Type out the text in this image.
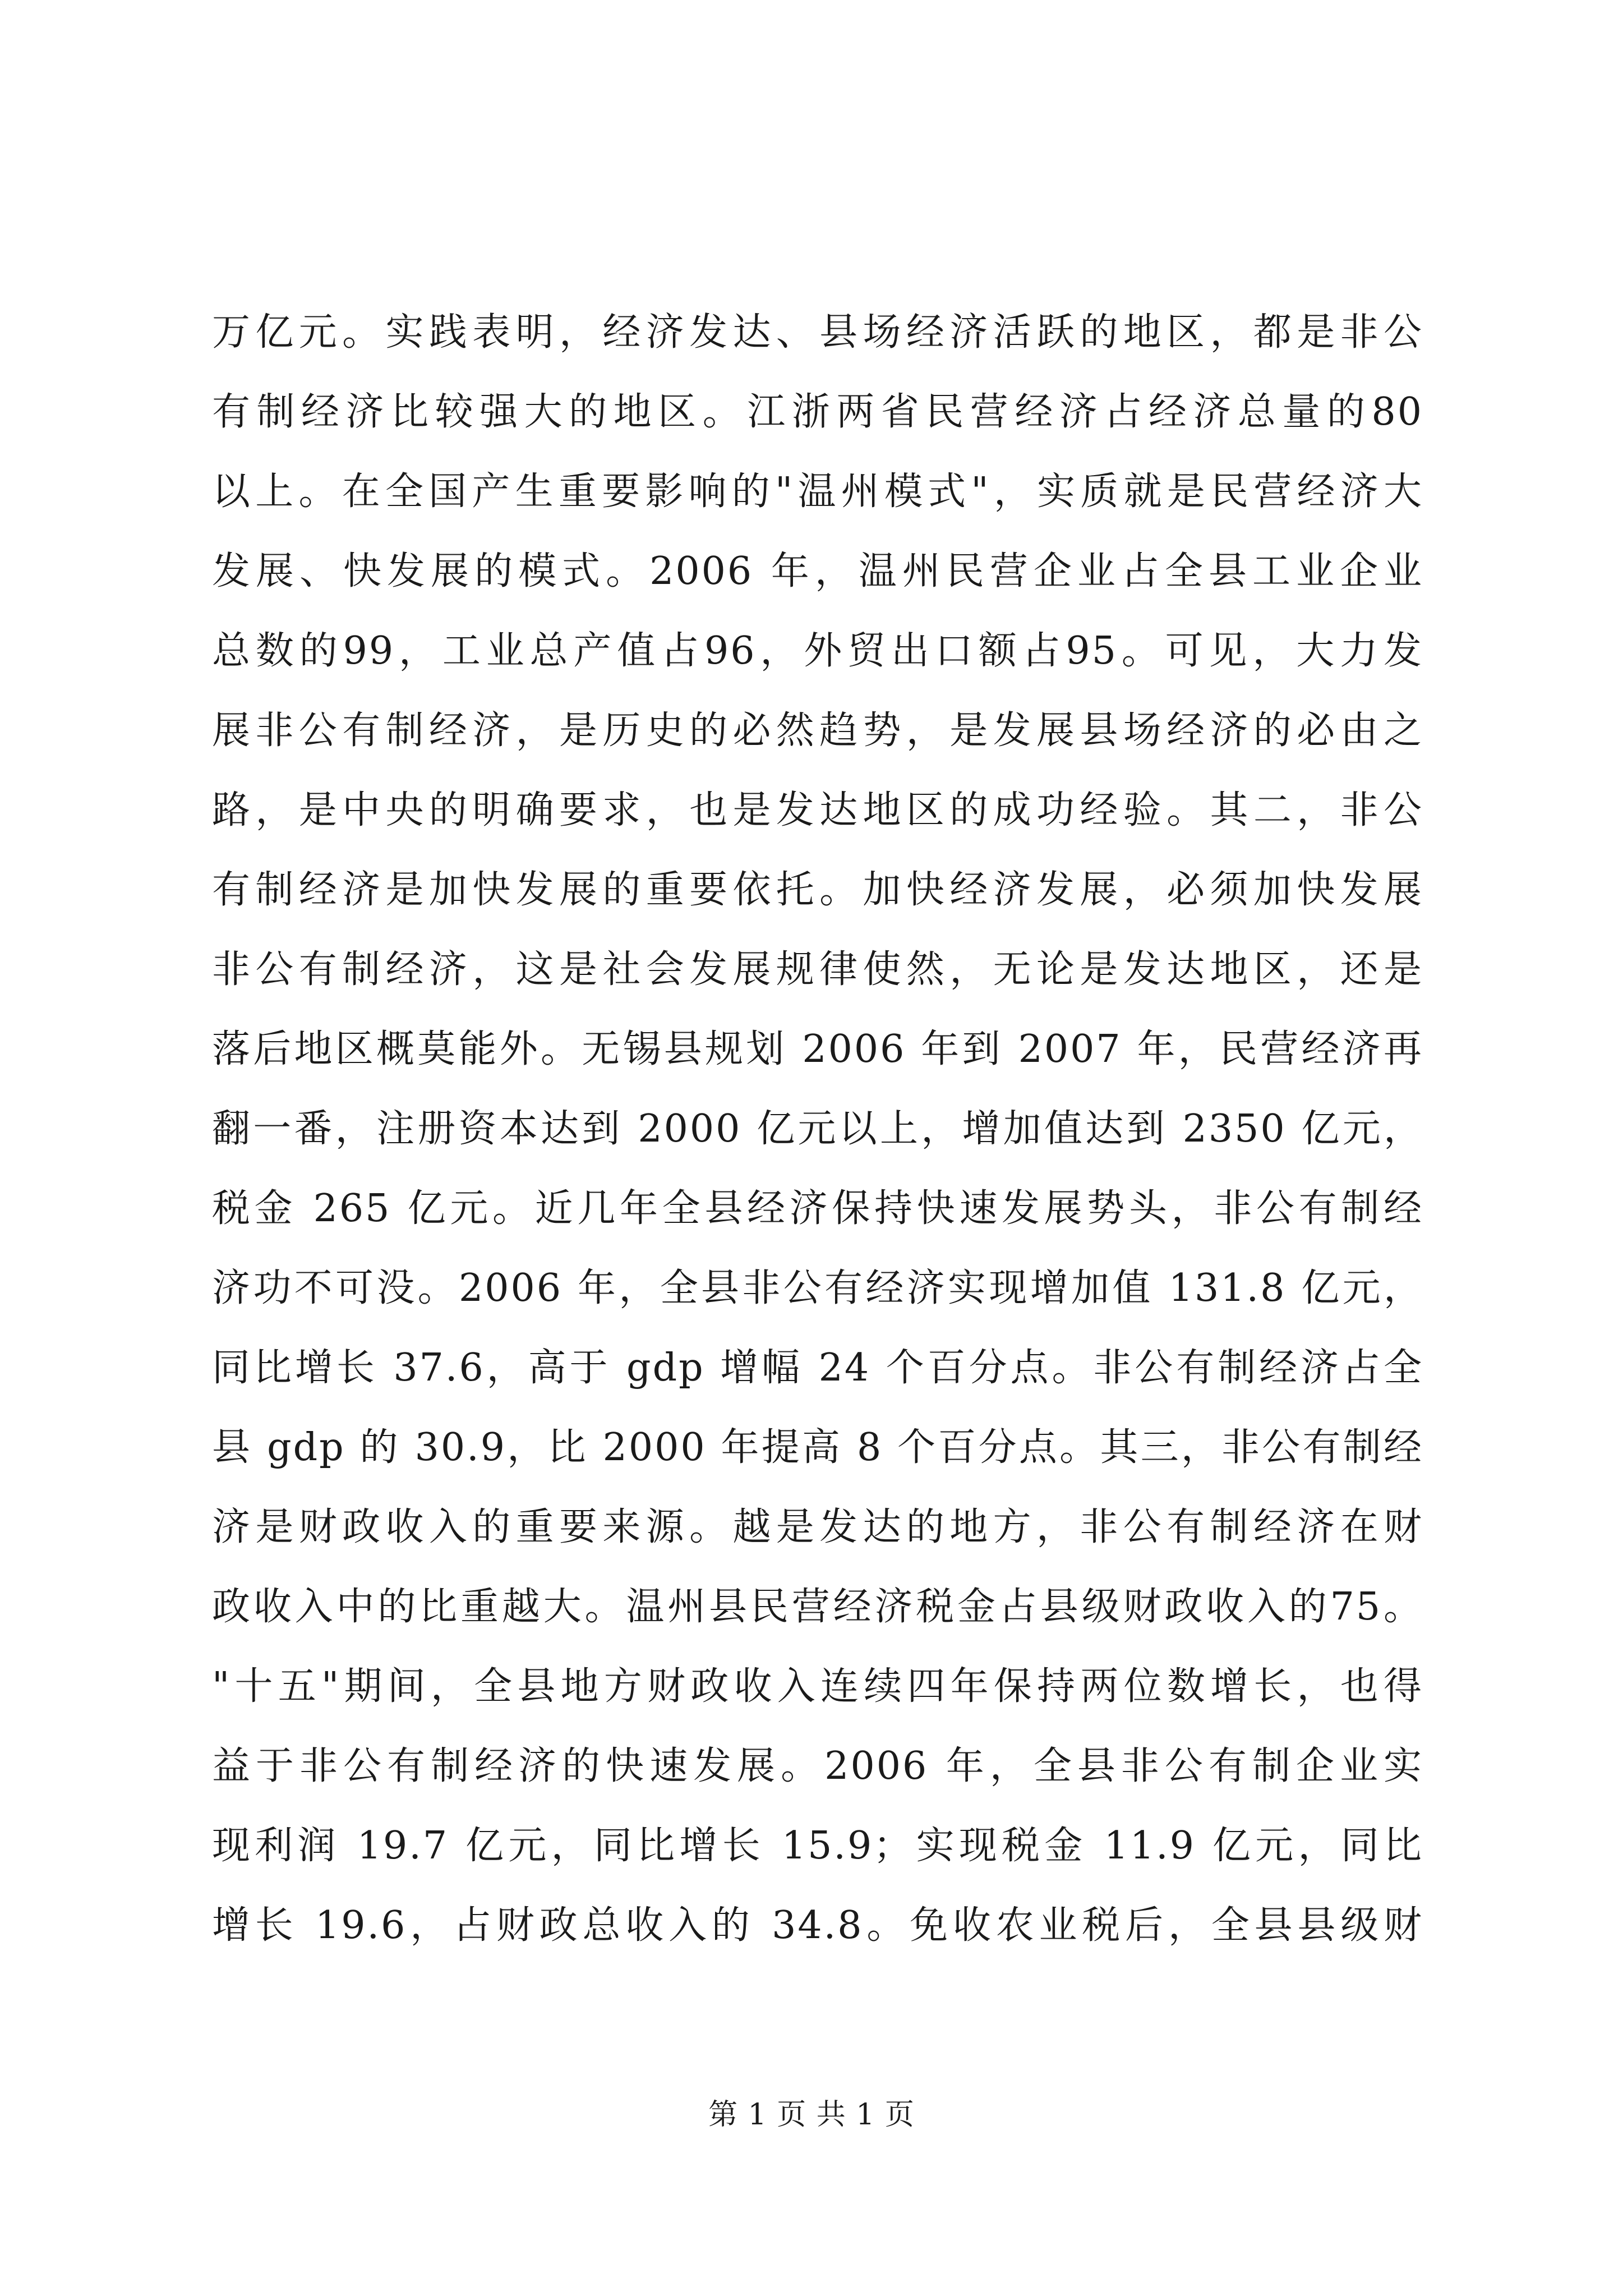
万亿元。实践表明，经济发达、县场经济活跃的地区，都是非公
有制经济比较强大的地区。江浙两省民营经济占经济总量的80
以上。在全国产生重要影响的"温州模式"，实质就是民营经济大
发展、快发展的模式。2006 年，温州民营企业占全县工业企业
总数的99，工业总产值占96，外贸出口额占95。可见，大力发
展非公有制经济，是历史的必然趋势，是发展县场经济的必由之
路，是中央的明确要求，也是发达地区的成功经验。其二，非公
有制经济是加快发展的重要依托。加快经济发展，必须加快发展
非公有制经济，这是社会发展规律使然，无论是发达地区，还是
落后地区概莫能外。无锡县规划 2006 年到 2007 年，民营经济再
翻一番，注册资本达到 2000 亿元以上，增加值达到 2350 亿元，
税金 265 亿元。近几年全县经济保持快速发展势头，非公有制经
济功不可没。2006 年，全县非公有经济实现增加值 131.8 亿元，
同比增长 37.6，高于 gdp 增幅 24 个百分点。非公有制经济占全
县 gdp 的 30.9，比 2000 年提高 8 个百分点。其三，非公有制经
济是财政收入的重要来源。越是发达的地方，非公有制经济在财
政收入中的比重越大。温州县民营经济税金占县级财政收入的75。
"十五"期间，全县地方财政收入连续四年保持两位数增长，也得
益于非公有制经济的快速发展。2006 年，全县非公有制企业实
现利润 19.7 亿元，同比增长 15.9；实现税金 11.9 亿元，同比
增长 19.6，占财政总收入的 34.8。免收农业税后，全县县级财
第 1 页 共 1 页
